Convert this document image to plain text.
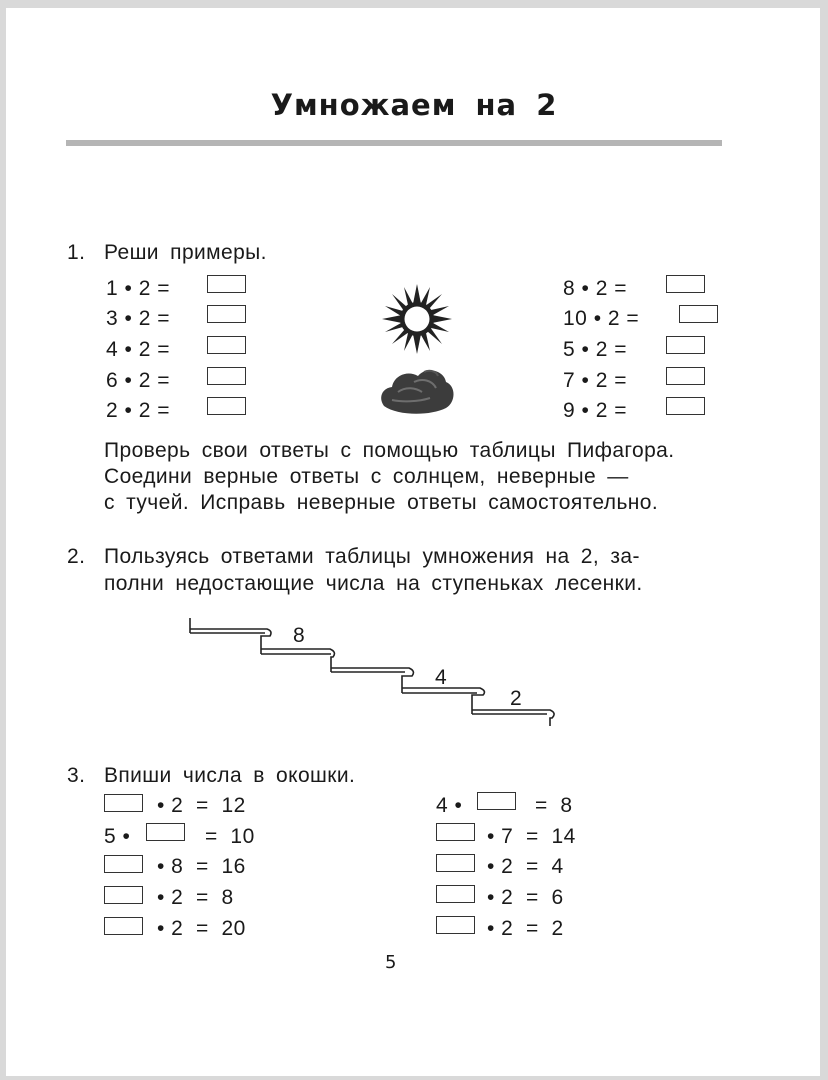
Умножаем на 2
1. Реши примеры.
1 • 2 =
3 • 2 =
4 • 2 =
6 • 2 =
2 • 2 =
8 • 2 =
10 • 2 =
5 • 2 =
7 • 2 =
9 • 2 =
Проверь свои ответы с помощью таблицы Пифагора.
Соедини верные ответы с солнцем, неверные —
с тучей. Исправь неверные ответы самостоятельно.
2. Пользуясь ответами таблицы умножения на 2, за-
полни недостающие числа на ступеньках лесенки.
8
4
2
3. Впиши числа в окошки.
• 2  =  12
5 •	=  10
• 8  =  16
• 2  =  8
• 2  =  20
4 •	=  8
• 7  =  14
• 2  =  4
• 2  =  6
• 2  =  2
5
